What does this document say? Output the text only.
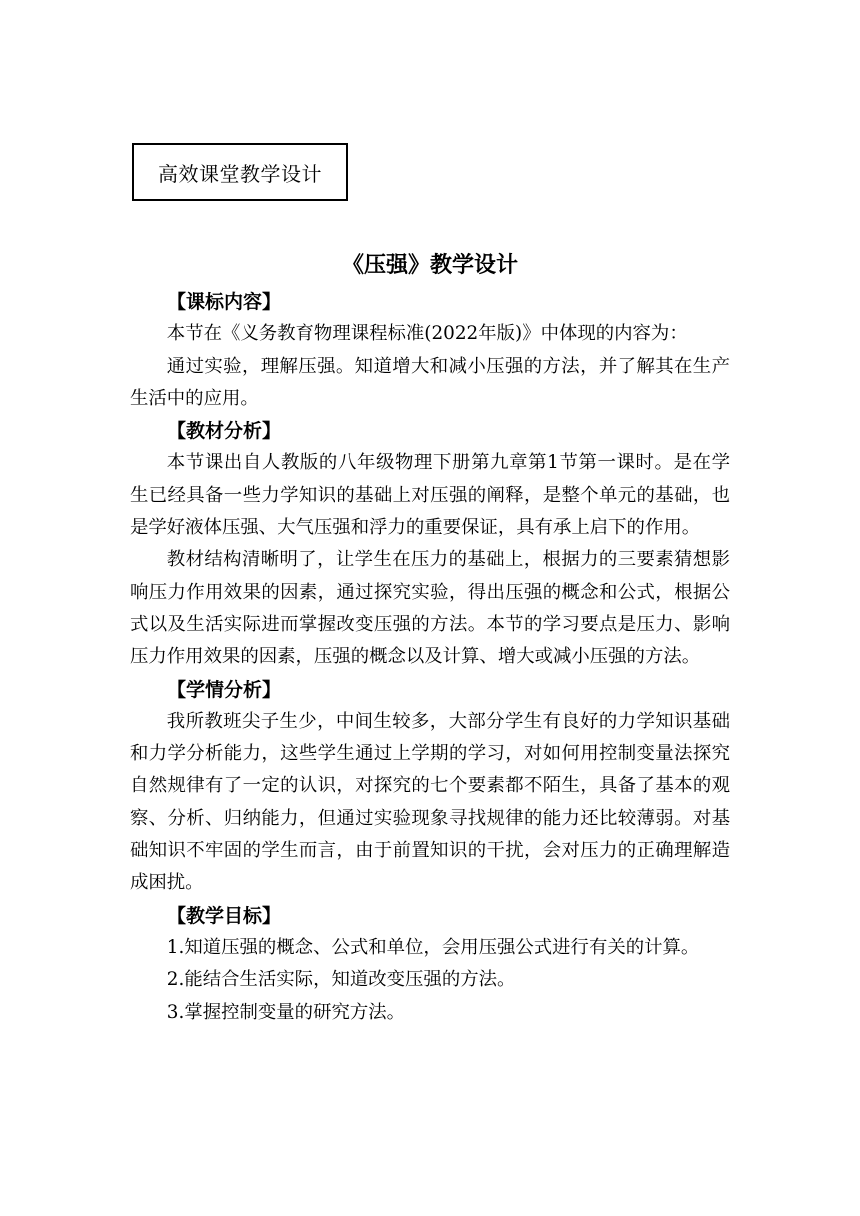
高效课堂教学设计
《压强》教学设计

【课标内容】

本节在《义务教育物理课程标准(2022年版)》中体现的内容为：

通过实验，理解压强。知道增大和减小压强的方法，并了解其在生产生活中的应用。

【教材分析】

本节课出自人教版的八年级物理下册第九章第1节第一课时。是在学生已经具备一些力学知识的基础上对压强的阐释，是整个单元的基础，也是学好液体压强、大气压强和浮力的重要保证，具有承上启下的作用。

教材结构清晰明了，让学生在压力的基础上，根据力的三要素猜想影响压力作用效果的因素，通过探究实验，得出压强的概念和公式，根据公式以及生活实际进而掌握改变压强的方法。本节的学习要点是压力、影响压力作用效果的因素，压强的概念以及计算、增大或减小压强的方法。

【学情分析】

我所教班尖子生少，中间生较多，大部分学生有良好的力学知识基础和力学分析能力，这些学生通过上学期的学习，对如何用控制变量法探究自然规律有了一定的认识，对探究的七个要素都不陌生，具备了基本的观察、分析、归纳能力，但通过实验现象寻找规律的能力还比较薄弱。对基础知识不牢固的学生而言，由于前置知识的干扰，会对压力的正确理解造成困扰。

【教学目标】

1.知道压强的概念、公式和单位，会用压强公式进行有关的计算。

2.能结合生活实际，知道改变压强的方法。

3.掌握控制变量的研究方法。
